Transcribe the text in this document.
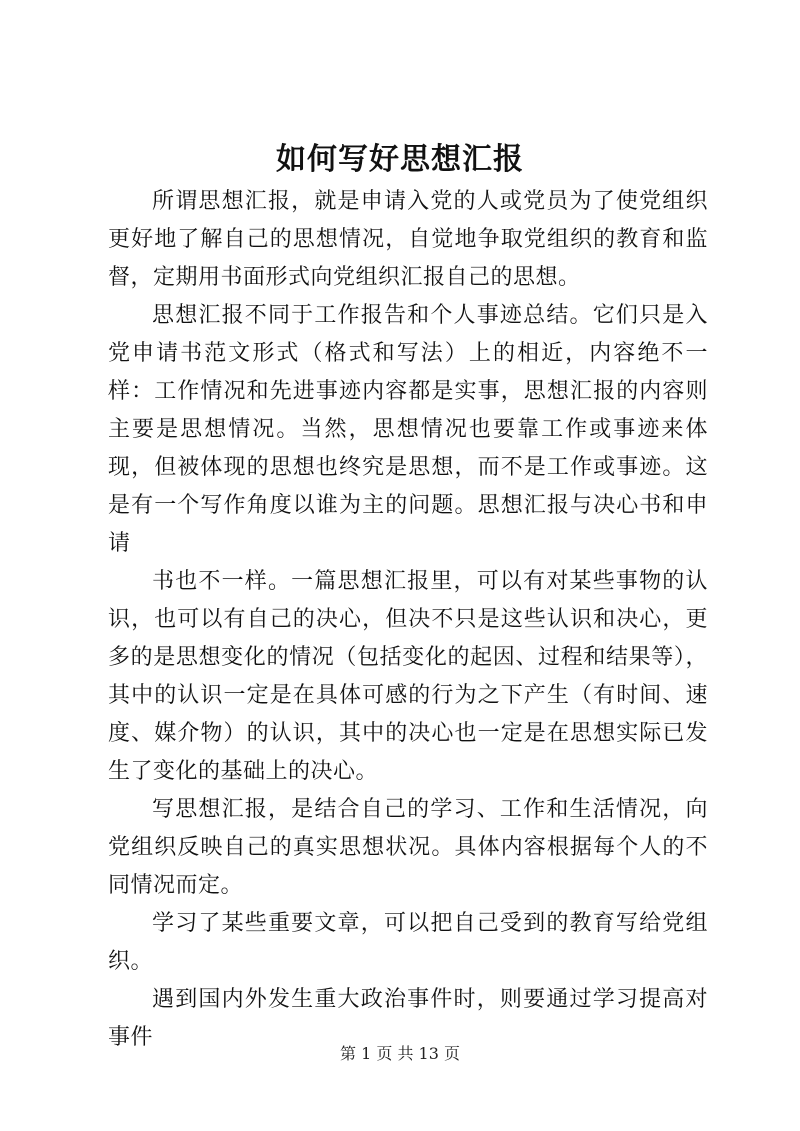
如何写好思想汇报

所谓思想汇报，就是申请入党的人或党员为了使党组织更好地了解自己的思想情况，自觉地争取党组织的教育和监督，定期用书面形式向党组织汇报自己的思想。

思想汇报不同于工作报告和个人事迹总结。它们只是入党申请书范文形式（格式和写法）上的相近，内容绝不一样：工作情况和先进事迹内容都是实事，思想汇报的内容则主要是思想情况。当然，思想情况也要靠工作或事迹来体现，但被体现的思想也终究是思想，而不是工作或事迹。这是有一个写作角度以谁为主的问题。思想汇报与决心书和申请

书也不一样。一篇思想汇报里，可以有对某些事物的认识，也可以有自己的决心，但决不只是这些认识和决心，更多的是思想变化的情况（包括变化的起因、过程和结果等），其中的认识一定是在具体可感的行为之下产生（有时间、速度、媒介物）的认识，其中的决心也一定是在思想实际已发生了变化的基础上的决心。

写思想汇报，是结合自己的学习、工作和生活情况，向党组织反映自己的真实思想状况。具体内容根据每个人的不同情况而定。

学习了某些重要文章，可以把自己受到的教育写给党组织。

遇到国内外发生重大政治事件时，则要通过学习提高对事件

第 1 页 共 13 页
